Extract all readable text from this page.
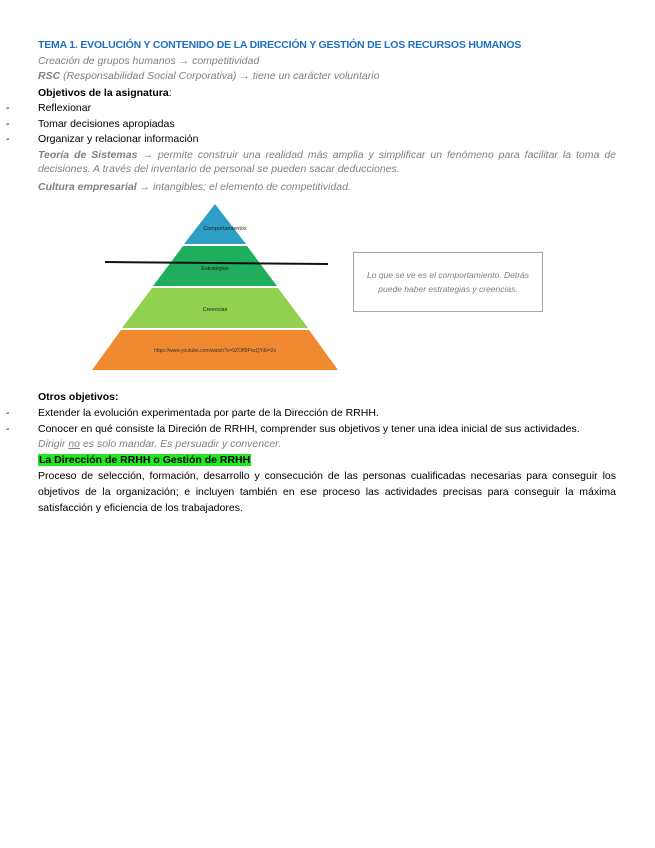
TEMA 1. EVOLUCIÓN Y CONTENIDO DE LA DIRECCIÓN Y GESTIÓN DE LOS RECURSOS HUMANOS
Creación de grupos humanos → competitividad
RSC (Responsabilidad Social Corporativa) → tiene un carácter voluntario
Objetivos de la asignatura:
-	Reflexionar
-	Tomar decisiones apropiadas
-	Organizar y relacionar información
Teoría de Sistemas → permite construir una realidad más amplia y simplificar un fenómeno para facilitar la toma de decisiones. A través del inventario de personal se pueden sacar deducciones.
Cultura empresarial → intangibles; el elemento de competitividad.
Comportamientos
Estrategias
Creencias
https://www.youtube.com/watch?v=9ZOff9PvzQY&t=2s
Lo que se ve es el comportamiento. Detrás puede haber estrategias y creencias.
Otros objetivos:
-	Extender la evolución experimentada por parte de la Dirección de RRHH.
-	Conocer en qué consiste la Direción de RRHH, comprender sus objetivos y tener una idea inicial de sus actividades.
Dirigir no es solo mandar. Es persuadir y convencer.
La Dirección de RRHH o Gestión de RRHH
Proceso de selección, formación, desarrollo y consecución de las personas cualificadas necesarias para conseguir los objetivos de la organización; e incluyen también en ese proceso las actividades precisas para conseguir la máxima satisfacción y eficiencia de los trabajadores.
